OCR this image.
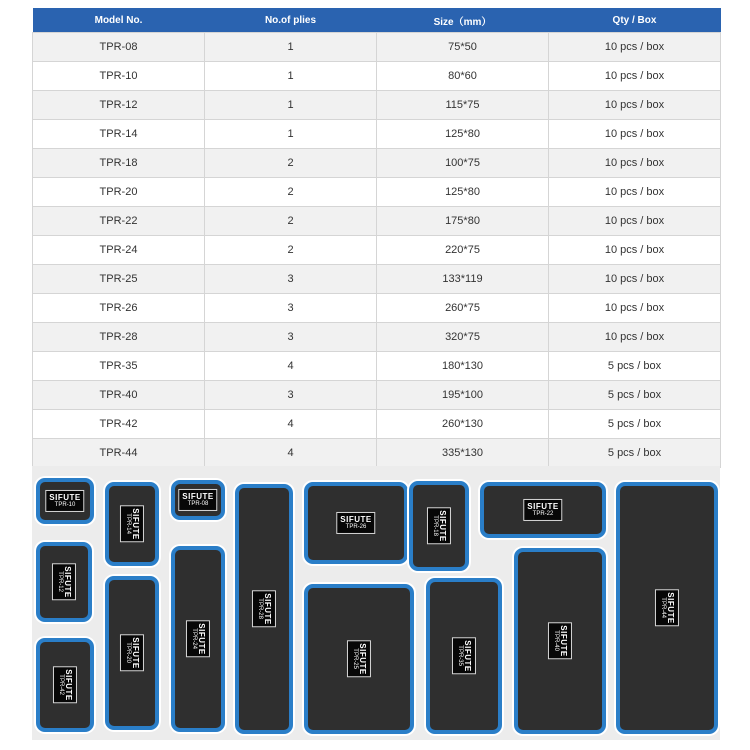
Model No.	No.of plies	Size（mm）	Qty / Box
TPR-08	1	75*50	10 pcs / box
TPR-10	1	80*60	10 pcs / box
TPR-12	1	115*75	10 pcs / box
TPR-14	1	125*80	10 pcs / box
TPR-18	2	100*75	10 pcs / box
TPR-20	2	125*80	10 pcs / box
TPR-22	2	175*80	10 pcs / box
TPR-24	2	220*75	10 pcs / box
TPR-25	3	133*119	10 pcs / box
TPR-26	3	260*75	10 pcs / box
TPR-28	3	320*75	10 pcs / box
TPR-35	4	180*130	5 pcs / box
TPR-40	3	195*100	5 pcs / box
TPR-42	4	260*130	5 pcs / box
TPR-44	4	335*130	5 pcs / box
SIFUTE
TPR-10
SIFUTE
TPR-14
SIFUTE
TPR-08
SIFUTE
TPR-28
SIFUTE
TPR-26	SIFUTE
TPR-18
SIFUTE
TPR-22
SIFUTE
TPR-44
SIFUTE
TPR-12
SIFUTE
TPR-20	SIFUTE
TPR-24
SIFUTE
TPR-25	SIFUTE
TPR-35	SIFUTE
TPR-40
SIFUTE
TPR-42
